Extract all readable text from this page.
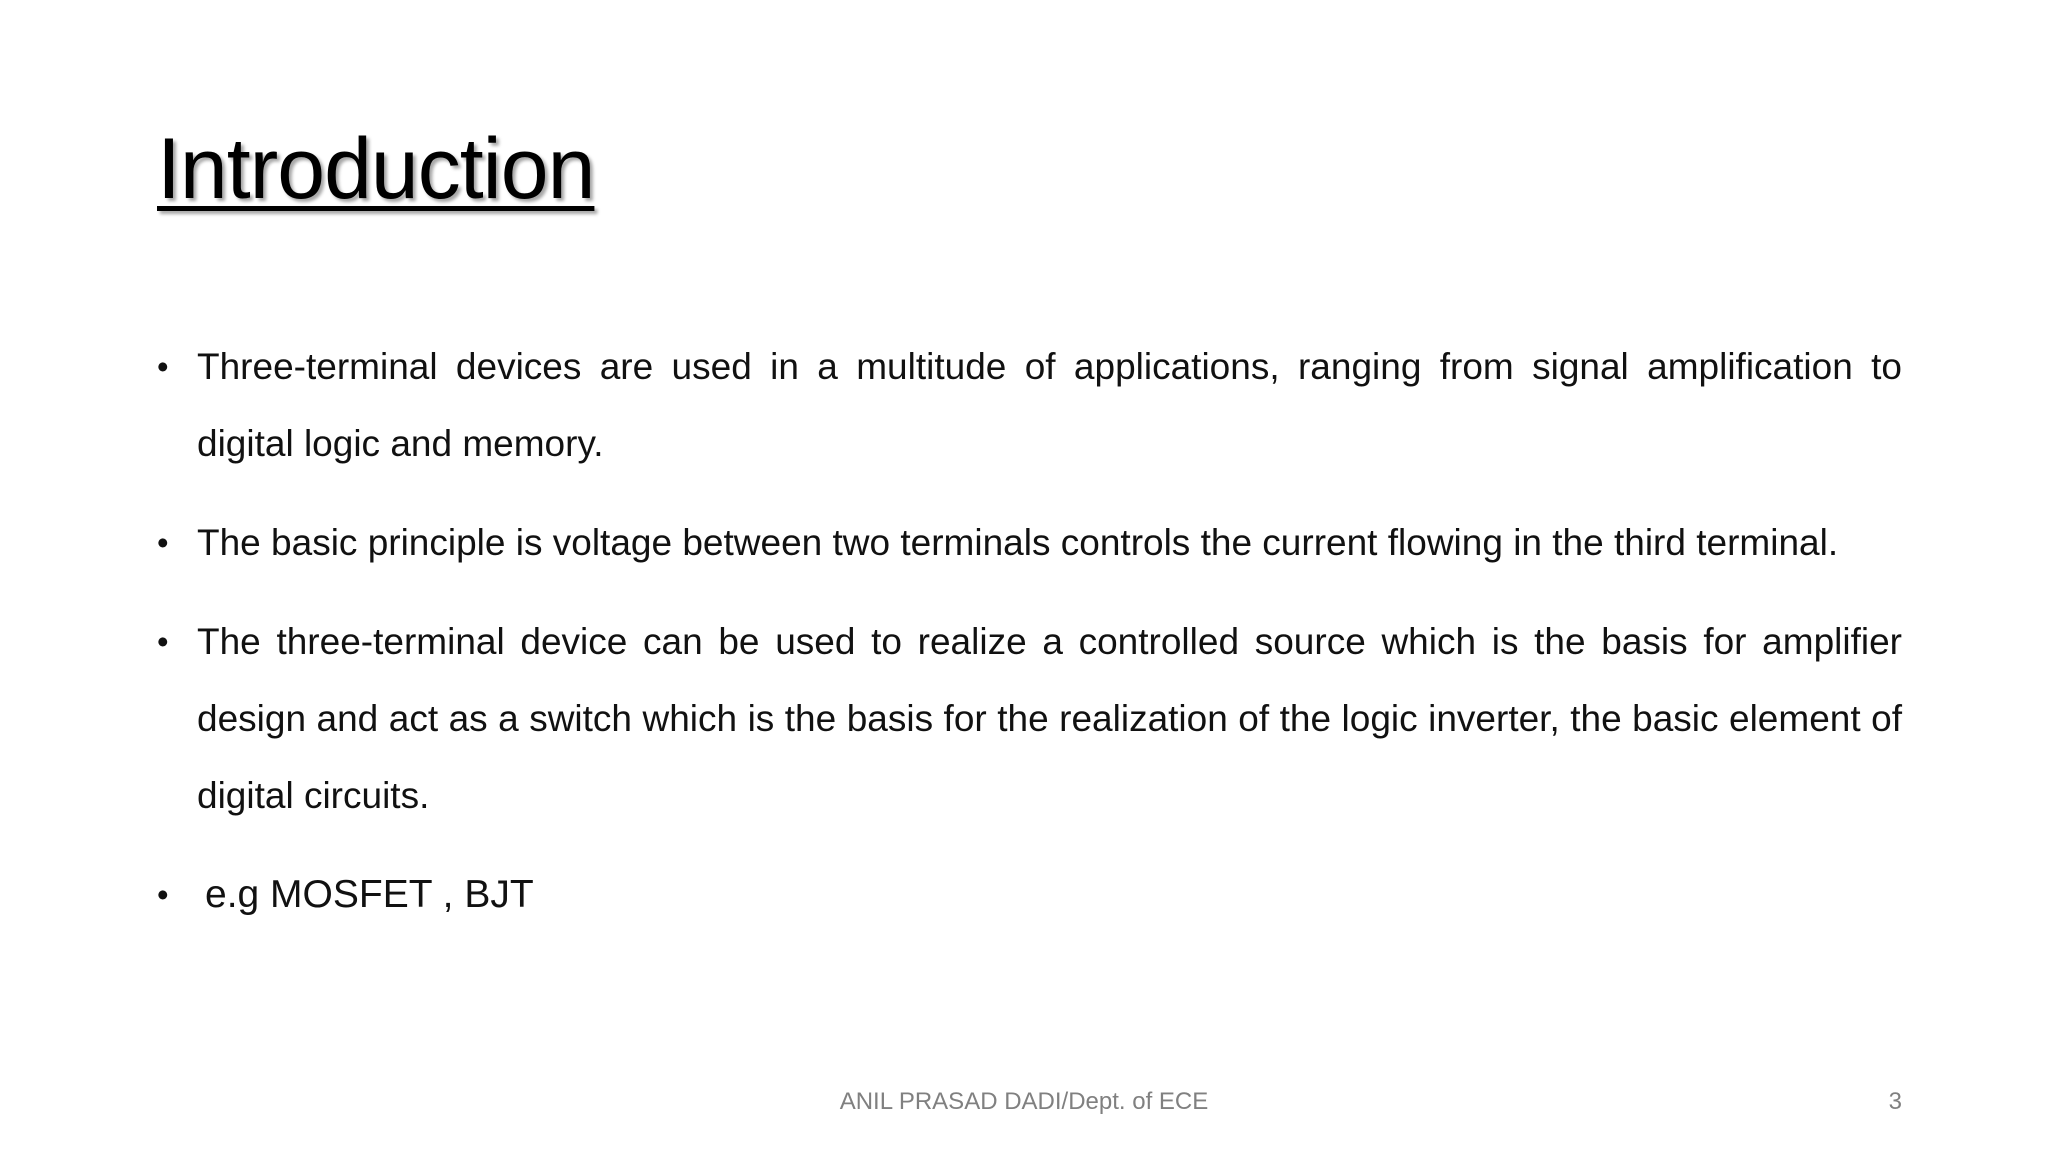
Introduction
• Three-terminal devices are used in a multitude of applications, ranging from signal amplification to digital logic and memory.
• The basic principle is voltage between two terminals controls the current flowing in the third terminal.
• The three-terminal device can be used to realize a controlled source which is the basis for amplifier design and act as a switch which is the basis for the realization of the logic inverter, the basic element of digital circuits.
• e.g MOSFET , BJT
ANIL PRASAD DADI/Dept. of ECE	3
